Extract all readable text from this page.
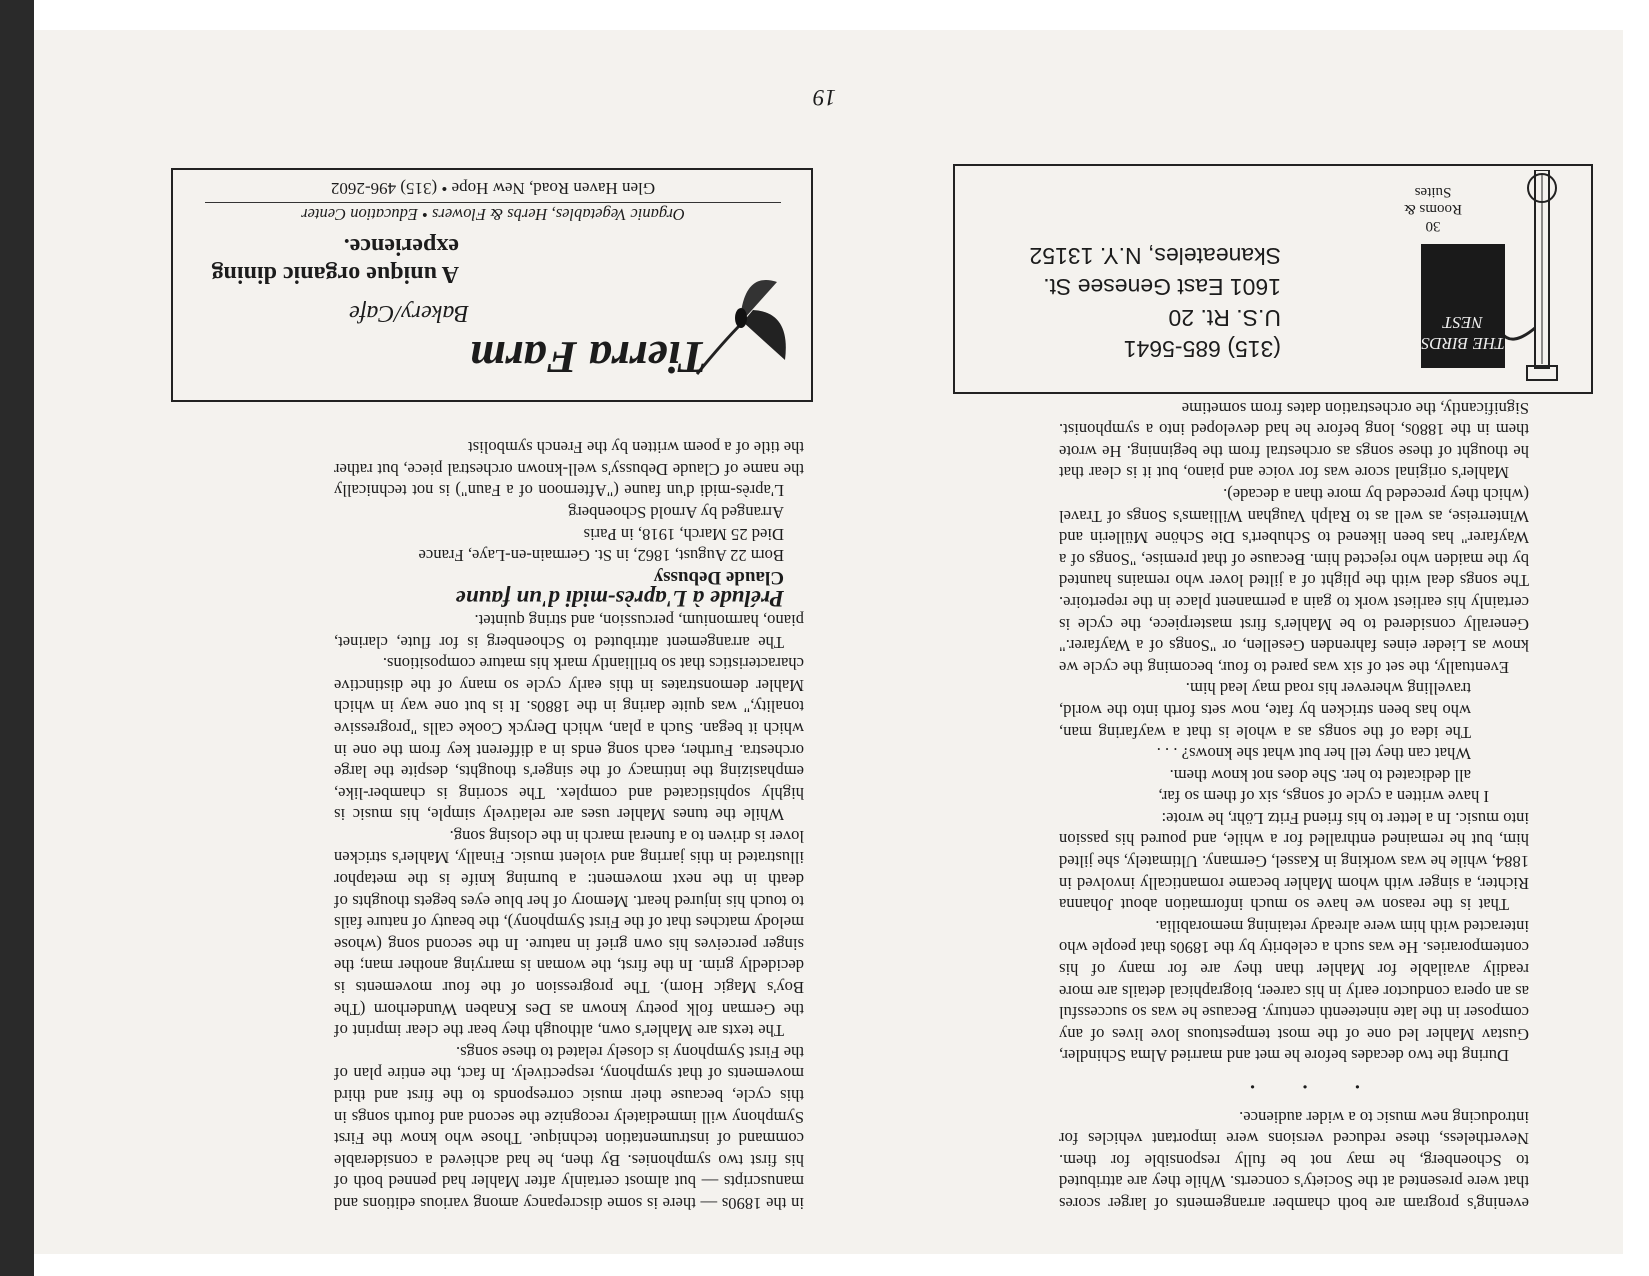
evening's program are both chamber arrangements of larger scores that were presented at the Society's concerts. While they are attributed to Schoenberg, he may not be fully responsible for them. Nevertheless, these reduced versions were important vehicles for introducing new music to a wider audience.

• • •

During the two decades before he met and married Alma Schindler, Gustav Mahler led one of the most tempestuous love lives of any composer in the late nineteenth century. Because he was so successful as an opera conductor early in his career, biographical details are more readily available for Mahler than they are for many of his contemporaries. He was such a celebrity by the 1890s that people who interacted with him were already retaining memorabilia.

That is the reason we have so much information about Johanna Richter, a singer with whom Mahler became romantically involved in 1884, while he was working in Kassel, Germany. Ultimately, she jilted him, but he remained enthralled for a while, and poured his passion into music. In a letter to his friend Fritz Löhr, he wrote:

I have written a cycle of songs, six of them so far,
all dedicated to her. She does not know them.
What can they tell her but what she knows? . . .
The idea of the songs as a whole is that a wayfaring man, who has been stricken by fate, now sets forth into the world, travelling wherever his road may lead him.

Eventually, the set of six was pared to four, becoming the cycle we know as Lieder eines fahrenden Gesellen, or "Songs of a Wayfarer." Generally considered to be Mahler's first masterpiece, the cycle is certainly his earliest work to gain a permanent place in the repertoire. The songs deal with the plight of a jilted lover who remains haunted by the maiden who rejected him. Because of that premise, "Songs of a Wayfarer" has been likened to Schubert's Die Schöne Müllerin and Winterreise, as well as to Ralph Vaughan Williams's Songs of Travel (which they preceded by more than a decade).

Mahler's original score was for voice and piano, but it is clear that he thought of these songs as orchestral from the beginning. He wrote them in the 1880s, long before he had developed into a symphonist. Significantly, the orchestration dates from sometime

in the 1890s — there is some discrepancy among various editions and manuscripts — but almost certainly after Mahler had penned both of his first two symphonies. By then, he had achieved a considerable command of instrumentation technique. Those who know the First Symphony will immediately recognize the second and fourth songs in this cycle, because their music corresponds to the first and third movements of that symphony, respectively. In fact, the entire plan of the First Symphony is closely related to these songs.

The texts are Mahler's own, although they bear the clear imprint of the German folk poetry known as Des Knaben Wunderhorn (The Boy's Magic Horn). The progression of the four movements is decidedly grim. In the first, the woman is marrying another man; the singer perceives his own grief in nature. In the second song (whose melody matches that of the First Symphony), the beauty of nature fails to touch his injured heart. Memory of her blue eyes begets thoughts of death in the next movement: a burning knife is the metaphor illustrated in this jarring and violent music. Finally, Mahler's stricken lover is driven to a funeral march in the closing song.

While the tunes Mahler uses are relatively simple, his music is highly sophisticated and complex. The scoring is chamber-like, emphasizing the intimacy of the singer's thoughts, despite the large orchestra. Further, each song ends in a different key from the one in which it began. Such a plan, which Deryck Cooke calls "progressive tonality," was quite daring in the 1880s. It is but one way in which Mahler demonstrates in this early cycle so many of the distinctive characteristics that so brilliantly mark his mature compositions.

The arrangement attributed to Schoenberg is for flute, clarinet, piano, harmonium, percussion, and string quintet.

Prélude à L'après-midi d'un faune

Claude Debussy

Born 22 August, 1862, in St. Germain-en-Laye, France

Died 25 March, 1918, in Paris

Arranged by Arnold Schoenberg

L'après-midi d'un faune ("Afternoon of a Faun") is not technically the name of Claude Debussy's well-known orchestral piece, but rather the title of a poem written by the French symbolist

THE BIRDS NEST
30
Rooms & Suites
(315) 685-5641
U.S. Rt. 20
1601 East Genesee St.
Skaneateles, N.Y. 13152
Tierra Farm
Bakery/Cafe
A unique organic dining experience.
Organic Vegetables, Herbs & Flowers • Education Center
Glen Haven Road, New Hope • (315) 496-2602
19
